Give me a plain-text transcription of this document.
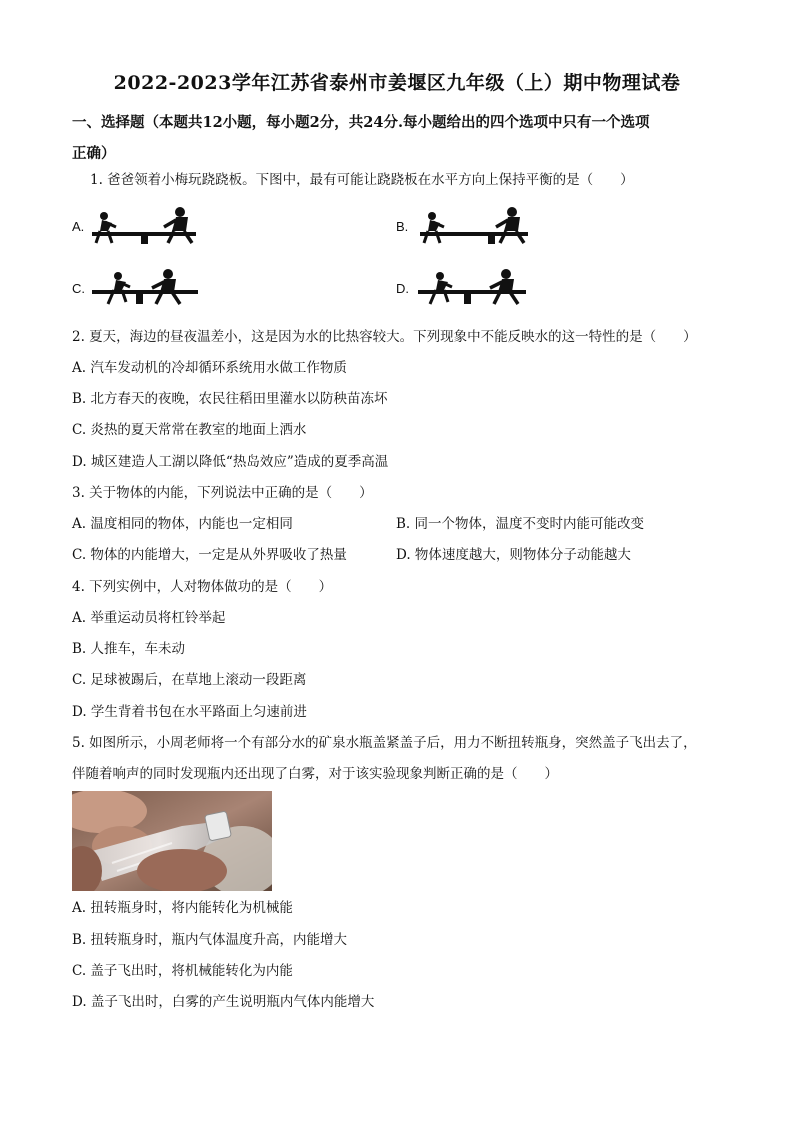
2022-2023学年江苏省泰州市姜堰区九年级（上）期中物理试卷
一、选择题（本题共12小题，每小题2分，共24分.每小题给出的四个选项中只有一个选项
正确）
1. 爸爸领着小梅玩跷跷板。下图中，最有可能让跷跷板在水平方向上保持平衡的是（　　）
A.	B.
C.	D.
2. 夏天，海边的昼夜温差小，这是因为水的比热容较大。下列现象中不能反映水的这一特性的是（　　）
A. 汽车发动机的冷却循环系统用水做工作物质
B. 北方春天的夜晚，农民往稻田里灌水以防秧苗冻坏
C. 炎热的夏天常常在教室的地面上洒水
D. 城区建造人工湖以降低“热岛效应”造成的夏季高温
3. 关于物体的内能，下列说法中正确的是（　　）
A. 温度相同的物体，内能也一定相同	B. 同一个物体，温度不变时内能可能改变
C. 物体的内能增大，一定是从外界吸收了热量	D. 物体速度越大，则物体分子动能越大
4. 下列实例中，人对物体做功的是（　　）
A. 举重运动员将杠铃举起
B. 人推车，车未动
C. 足球被踢后，在草地上滚动一段距离
D. 学生背着书包在水平路面上匀速前进
5. 如图所示，小周老师将一个有部分水的矿泉水瓶盖紧盖子后，用力不断扭转瓶身，突然盖子飞出去了，
伴随着响声的同时发现瓶内还出现了白雾，对于该实验现象判断正确的是（　　）
A. 扭转瓶身时，将内能转化为机械能
B. 扭转瓶身时，瓶内气体温度升高，内能增大
C. 盖子飞出时，将机械能转化为内能
D. 盖子飞出时，白雾的产生说明瓶内气体内能增大
